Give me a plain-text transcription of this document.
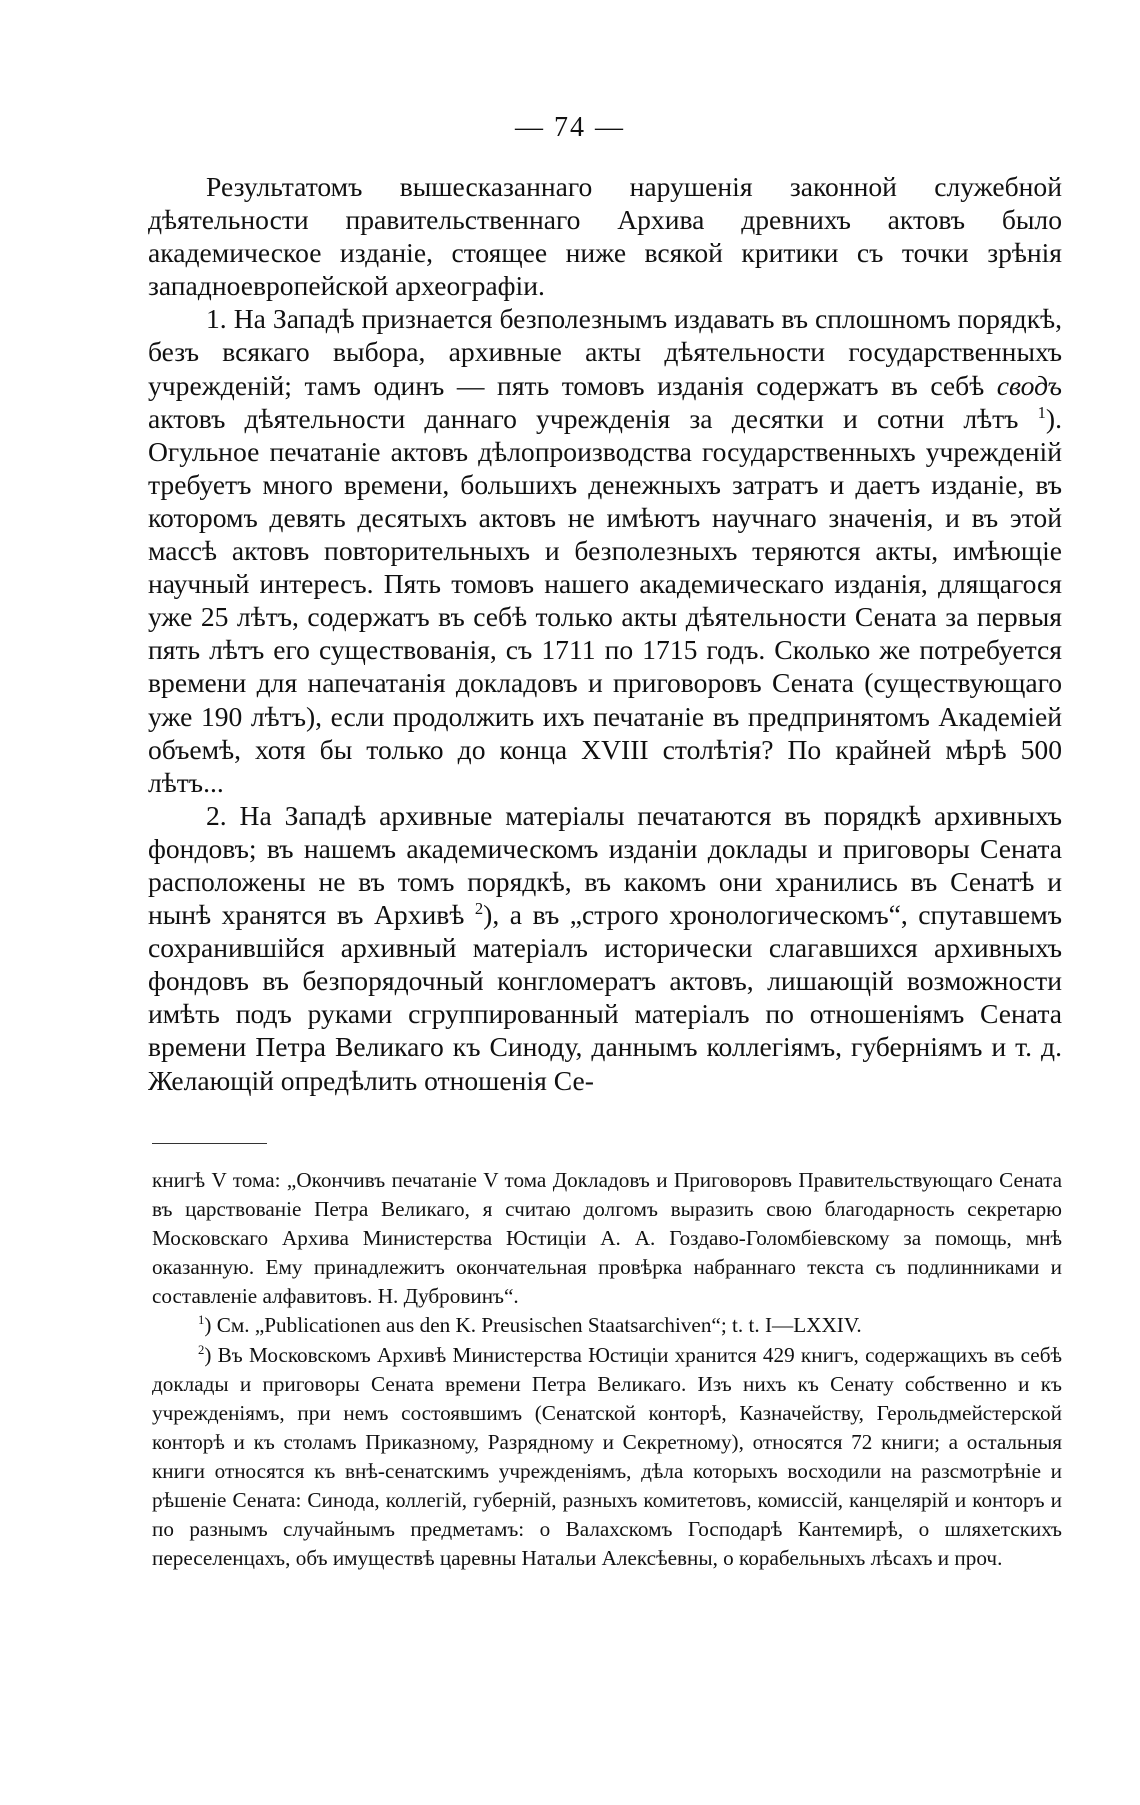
— 74 —

Результатомъ вышесказаннаго нарушенія законной служебной дѣятельности правительственнаго Архива древнихъ актовъ было академическое изданіе, стоящее ниже всякой критики съ точки зрѣнія западноевропейской археографіи.

1. На Западѣ признается безполезнымъ издавать въ сплошномъ порядкѣ, безъ всякаго выбора, архивные акты дѣятельности государственныхъ учрежденій; тамъ одинъ — пять томовъ изданія содержатъ въ себѣ сводъ актовъ дѣятельности даннаго учрежденія за десятки и сотни лѣтъ $^1$). Огульное печатаніе актовъ дѣлопроизводства государственныхъ учрежденій требуетъ много времени, большихъ денежныхъ затратъ и даетъ изданіе, въ которомъ девять десятыхъ актовъ не имѣютъ научнаго значенія, и въ этой массѣ актовъ повторительныхъ и безполезныхъ теряются акты, имѣющіе научный интересъ. Пять томовъ нашего академическаго изданія, длящагося уже 25 лѣтъ, содержатъ въ себѣ только акты дѣятельности Сената за первыя пять лѣтъ его существованія, съ 1711 по 1715 годъ. Сколько же потребуется времени для напечатанія докладовъ и приговоровъ Сената (существующаго уже 190 лѣтъ), если продолжить ихъ печатаніе въ предпринятомъ Академіей объемѣ, хотя бы только до конца XVIII столѣтія? По крайней мѣрѣ 500 лѣтъ...

2. На Западѣ архивные матеріалы печатаются въ порядкѣ архивныхъ фондовъ; въ нашемъ академическомъ изданіи доклады и приговоры Сената расположены не въ томъ порядкѣ, въ какомъ они хранились въ Сенатѣ и нынѣ хранятся въ Архивѣ $^2$), а въ „строго хронологическомъ“, спутавшемъ сохранившійся архивный матеріалъ исторически слагавшихся архивныхъ фондовъ въ безпорядочный конгломератъ актовъ, лишающій возможности имѣть подъ руками сгруппированный матеріалъ по отношеніямъ Сената времени Петра Великаго къ Синоду, даннымъ коллегіямъ, губерніямъ и т. д. Желающій опредѣлить отношенія Се-

книгѣ V тома: „Окончивъ печатаніе V тома Докладовъ и Приговоровъ Правительствующаго Сената въ царствованіе Петра Великаго, я считаю долгомъ выразить свою благодарность секретарю Московскаго Архива Министерства Юстиціи А. А. Гоздаво-Голомбіевскому за помощь, мнѣ оказанную. Ему принадлежитъ окончательная провѣрка набраннаго текста съ подлинниками и составленіе алфавитовъ. Н. Дубровинъ“.

$^1$) См. „Publicationen aus den K. Preusischen Staatsarchiven“; t. t. I—LXXIV.

$^2$) Въ Московскомъ Архивѣ Министерства Юстиціи хранится 429 книгъ, содержащихъ въ себѣ доклады и приговоры Сената времени Петра Великаго. Изъ нихъ къ Сенату собственно и къ учрежденіямъ, при немъ состоявшимъ (Сенатской конторѣ, Казначейству, Герольдмейстерской конторѣ и къ столамъ Приказному, Разрядному и Секретному), относятся 72 книги; а остальныя книги относятся къ внѣ-сенатскимъ учрежденіямъ, дѣла которыхъ восходили на разсмотрѣніе и рѣшеніе Сената: Синода, коллегій, губерній, разныхъ комитетовъ, комиссій, канцелярій и конторъ и по разнымъ случайнымъ предметамъ: о Валахскомъ Господарѣ Кантемирѣ, о шляхетскихъ переселенцахъ, объ имуществѣ царевны Натальи Алексѣевны, о корабельныхъ лѣсахъ и проч.
